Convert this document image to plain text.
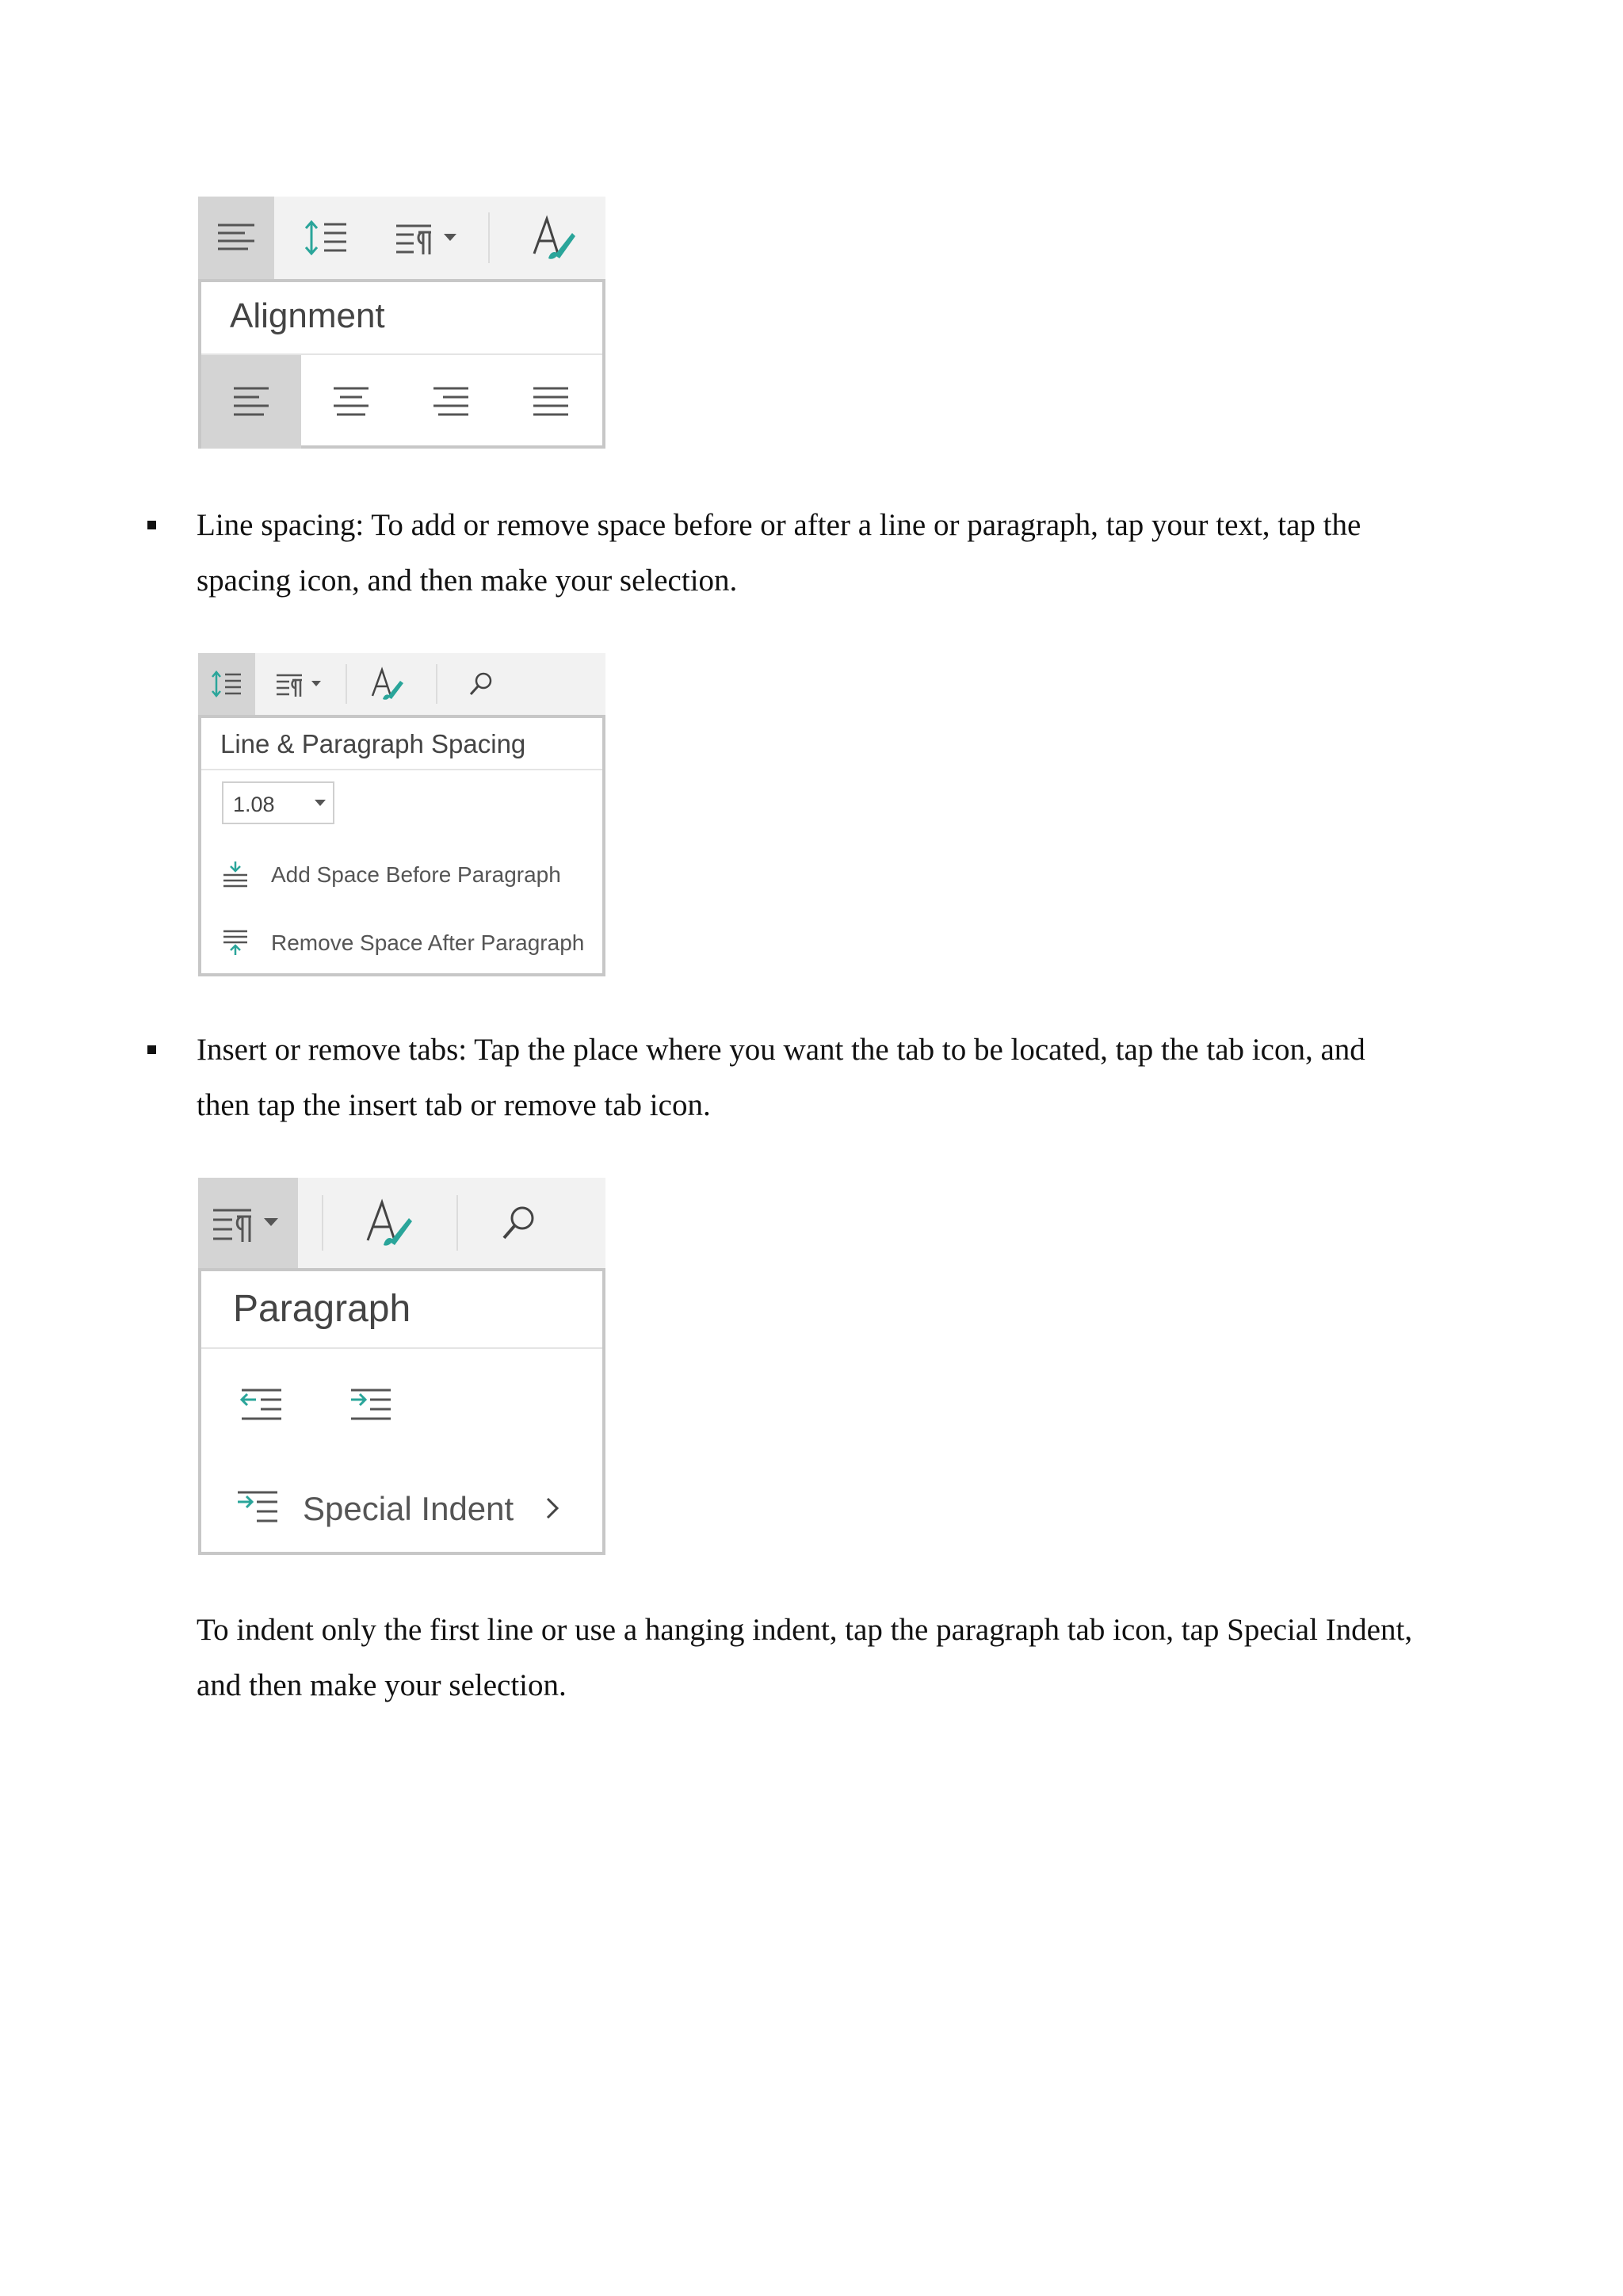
Alignment

Line spacing: To add or remove space before or after a line or paragraph, tap your text, tap the spacing icon, and then make your selection.

Line & Paragraph Spacing
1.08
Add Space Before Paragraph
Remove Space After Paragraph

Insert or remove tabs: Tap the place where you want the tab to be located, tap the tab icon, and then tap the insert tab or remove tab icon.

Paragraph
Special Indent

To indent only the first line or use a hanging indent, tap the paragraph tab icon, tap Special Indent, and then make your selection.
